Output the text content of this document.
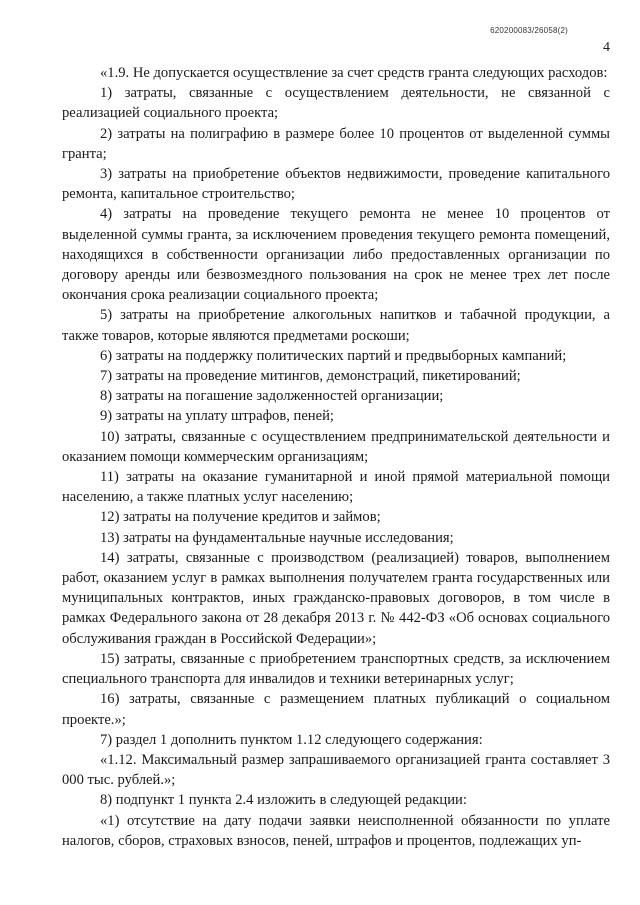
620200083/26058(2)
4

«1.9. Не допускается осуществление за счет средств гранта следующих расходов:

1) затраты, связанные с осуществлением деятельности, не связанной с реализацией социального проекта;

2) затраты на полиграфию в размере более 10 процентов от выделенной суммы гранта;

3) затраты на приобретение объектов недвижимости, проведение капитального ремонта, капитальное строительство;

4) затраты на проведение текущего ремонта не менее 10 процентов от выделенной суммы гранта, за исключением проведения текущего ремонта помещений, находящихся в собственности организации либо предоставленных организации по договору аренды или безвозмездного пользования на срок не менее трех лет после окончания срока реализации социального проекта;

5) затраты на приобретение алкогольных напитков и табачной продукции, а также товаров, которые являются предметами роскоши;

6) затраты на поддержку политических партий и предвыборных кампаний;

7) затраты на проведение митингов, демонстраций, пикетирований;

8) затраты на погашение задолженностей организации;

9) затраты на уплату штрафов, пеней;

10) затраты, связанные с осуществлением предпринимательской деятельности и оказанием помощи коммерческим организациям;

11) затраты на оказание гуманитарной и иной прямой материальной помощи населению, а также платных услуг населению;

12) затраты на получение кредитов и займов;

13) затраты на фундаментальные научные исследования;

14) затраты, связанные с производством (реализацией) товаров, выполнением работ, оказанием услуг в рамках выполнения получателем гранта государственных или муниципальных контрактов, иных гражданско-правовых договоров, в том числе в рамках Федерального закона от 28 декабря 2013 г. № 442-ФЗ «Об основах социального обслуживания граждан в Российской Федерации»;

15) затраты, связанные с приобретением транспортных средств, за исключением специального транспорта для инвалидов и техники ветеринарных услуг;

16) затраты, связанные с размещением платных публикаций о социальном проекте.»;

7) раздел 1 дополнить пунктом 1.12 следующего содержания:

«1.12. Максимальный размер запрашиваемого организацией гранта составляет 3 000 тыс. рублей.»;

8) подпункт 1 пункта 2.4 изложить в следующей редакции:

«1) отсутствие на дату подачи заявки неисполненной обязанности по уплате налогов, сборов, страховых взносов, пеней, штрафов и процентов, подлежащих уп-
